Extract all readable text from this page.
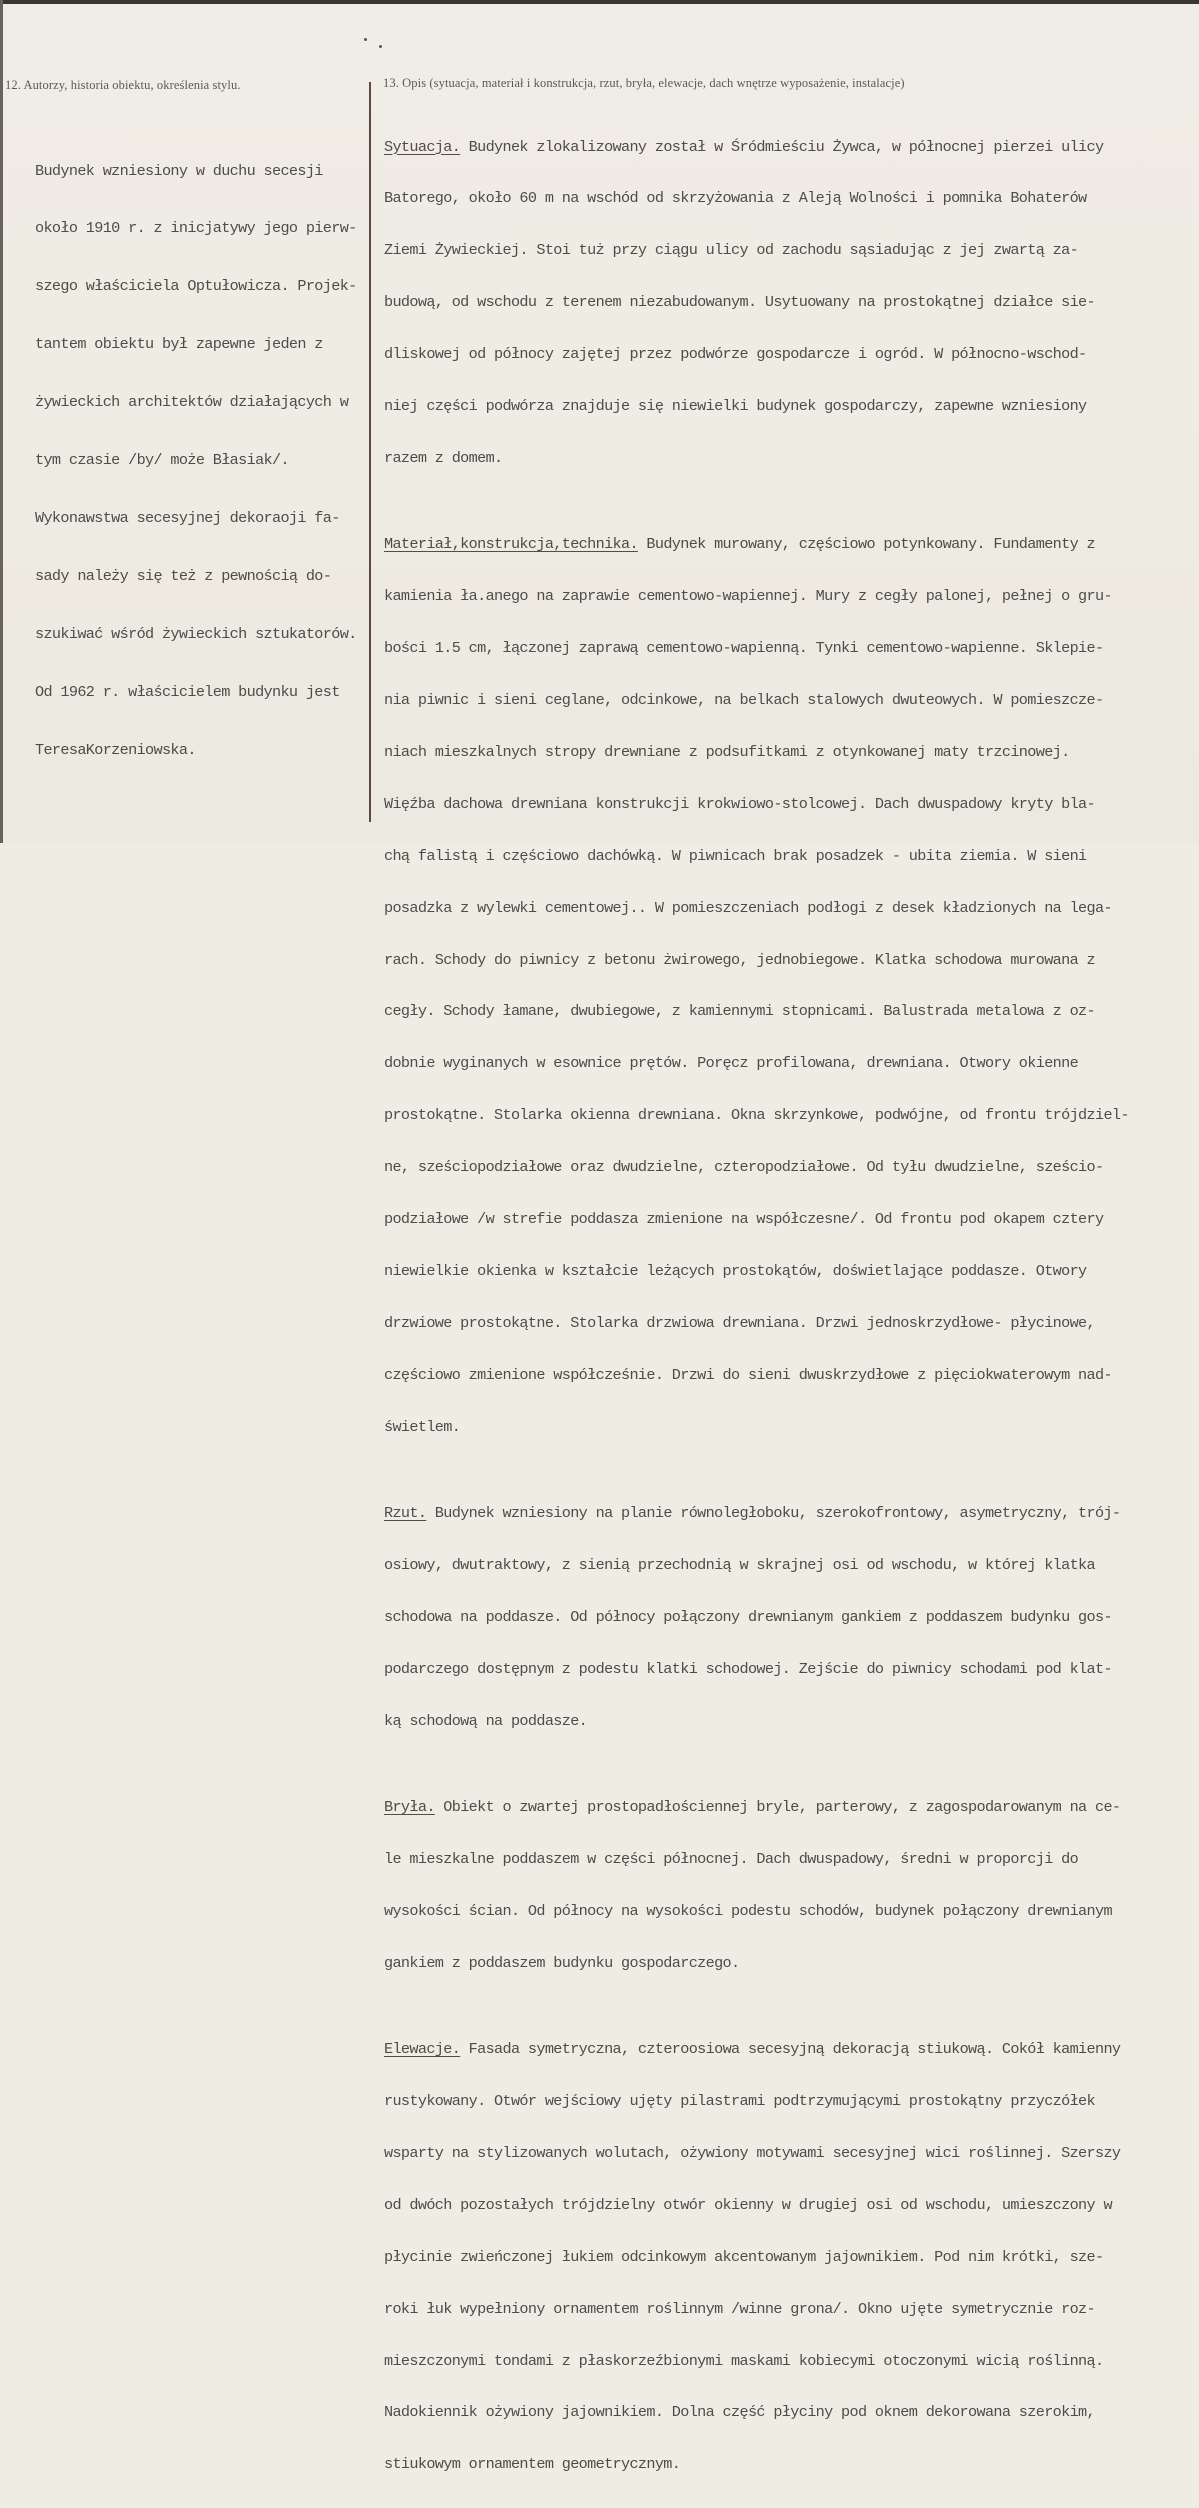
12. Autorzy, historia obiektu, określenia stylu.	13. Opis (sytuacja, materiał i konstrukcja, rzut, bryła, elewacje, dach wnętrze wyposażenie, instalacje)

Budynek wzniesiony w duchu secesji

około 1910 r. z inicjatywy jego pierw-

szego właściciela Optułowicza. Projek-

tantem obiektu był zapewne jeden z

żywieckich architektów działających w

tym czasie /by/ może Błasiak/.

Wykonawstwa secesyjnej dekoraoji fa-

sady należy się też z pewnością do-

szukiwać wśród żywieckich sztukatorów.

Od 1962 r. właścicielem budynku jest

TeresaKorzeniowska.

Sytuacja. Budynek zlokalizowany został w Śródmieściu Żywca, w północnej pierzei ulicy

Batorego, około 60 m na wschód od skrzyżowania z Aleją Wolności i pomnika Bohaterów

Ziemi Żywieckiej. Stoi tuż przy ciągu ulicy od zachodu sąsiadując z jej zwartą za-

budową, od wschodu z terenem niezabudowanym. Usytuowany na prostokątnej działce sie-

dliskowej od północy zajętej przez podwórze gospodarcze i ogród. W północno-wschod-

niej części podwórza znajduje się niewielki budynek gospodarczy, zapewne wzniesiony

razem z domem.

Materiał,konstrukcja,technika. Budynek murowany, częściowo potynkowany. Fundamenty z

kamienia ła.anego na zaprawie cementowo-wapiennej. Mury z cegły palonej, pełnej o gru-

bości 1.5 cm, łączonej zaprawą cementowo-wapienną. Tynki cementowo-wapienne. Sklepie-

nia piwnic i sieni ceglane, odcinkowe, na belkach stalowych dwuteowych. W pomieszcze-

niach mieszkalnych stropy drewniane z podsufitkami z otynkowanej maty trzcinowej.

Więźba dachowa drewniana konstrukcji krokwiowo-stolcowej. Dach dwuspadowy kryty bla-

chą falistą i częściowo dachówką. W piwnicach brak posadzek - ubita ziemia. W sieni

posadzka z wylewki cementowej.. W pomieszczeniach podłogi z desek kładzionych na lega-

rach. Schody do piwnicy z betonu żwirowego, jednobiegowe. Klatka schodowa murowana z

cegły. Schody łamane, dwubiegowe, z kamiennymi stopnicami. Balustrada metalowa z oz-

dobnie wyginanych w esownice prętów. Poręcz profilowana, drewniana. Otwory okienne

prostokątne. Stolarka okienna drewniana. Okna skrzynkowe, podwójne, od frontu trójdziel-

ne, sześciopodziałowe oraz dwudzielne, czteropodziałowe. Od tyłu dwudzielne, sześcio-

podziałowe /w strefie poddasza zmienione na współczesne/. Od frontu pod okapem cztery

niewielkie okienka w kształcie leżących prostokątów, doświetlające poddasze. Otwory

drzwiowe prostokątne. Stolarka drzwiowa drewniana. Drzwi jednoskrzydłowe- płycinowe,

częściowo zmienione współcześnie. Drzwi do sieni dwuskrzydłowe z pięciokwaterowym nad-

świetlem.

Rzut. Budynek wzniesiony na planie równoległoboku, szerokofrontowy, asymetryczny, trój-

osiowy, dwutraktowy, z sienią przechodnią w skrajnej osi od wschodu, w której klatka

schodowa na poddasze. Od północy połączony drewnianym gankiem z poddaszem budynku gos-

podarczego dostępnym z podestu klatki schodowej. Zejście do piwnicy schodami pod klat-

ką schodową na poddasze.

Bryła. Obiekt o zwartej prostopadłościennej bryle, parterowy, z zagospodarowanym na ce-

le mieszkalne poddaszem w części północnej. Dach dwuspadowy, średni w proporcji do

wysokości ścian. Od północy na wysokości podestu schodów, budynek połączony drewnianym

gankiem z poddaszem budynku gospodarczego.

Elewacje. Fasada symetryczna, czteroosiowa secesyjną dekoracją stiukową. Cokół kamienny

rustykowany. Otwór wejściowy ujęty pilastrami podtrzymującymi prostokątny przyczółek

wsparty na stylizowanych wolutach, ożywiony motywami secesyjnej wici roślinnej. Szerszy

od dwóch pozostałych trójdzielny otwór okienny w drugiej osi od wschodu, umieszczony w

płycinie zwieńczonej łukiem odcinkowym akcentowanym jajownikiem. Pod nim krótki, sze-

roki łuk wypełniony ornamentem roślinnym /winne grona/. Okno ujęte symetrycznie roz-

mieszczonymi tondami z płaskorzeźbionymi maskami kobiecymi otoczonymi wicią roślinną.

Nadokiennik ożywiony jajownikiem. Dolna część płyciny pod oknem dekorowana szerokim,

stiukowym ornamentem geometrycznym.
